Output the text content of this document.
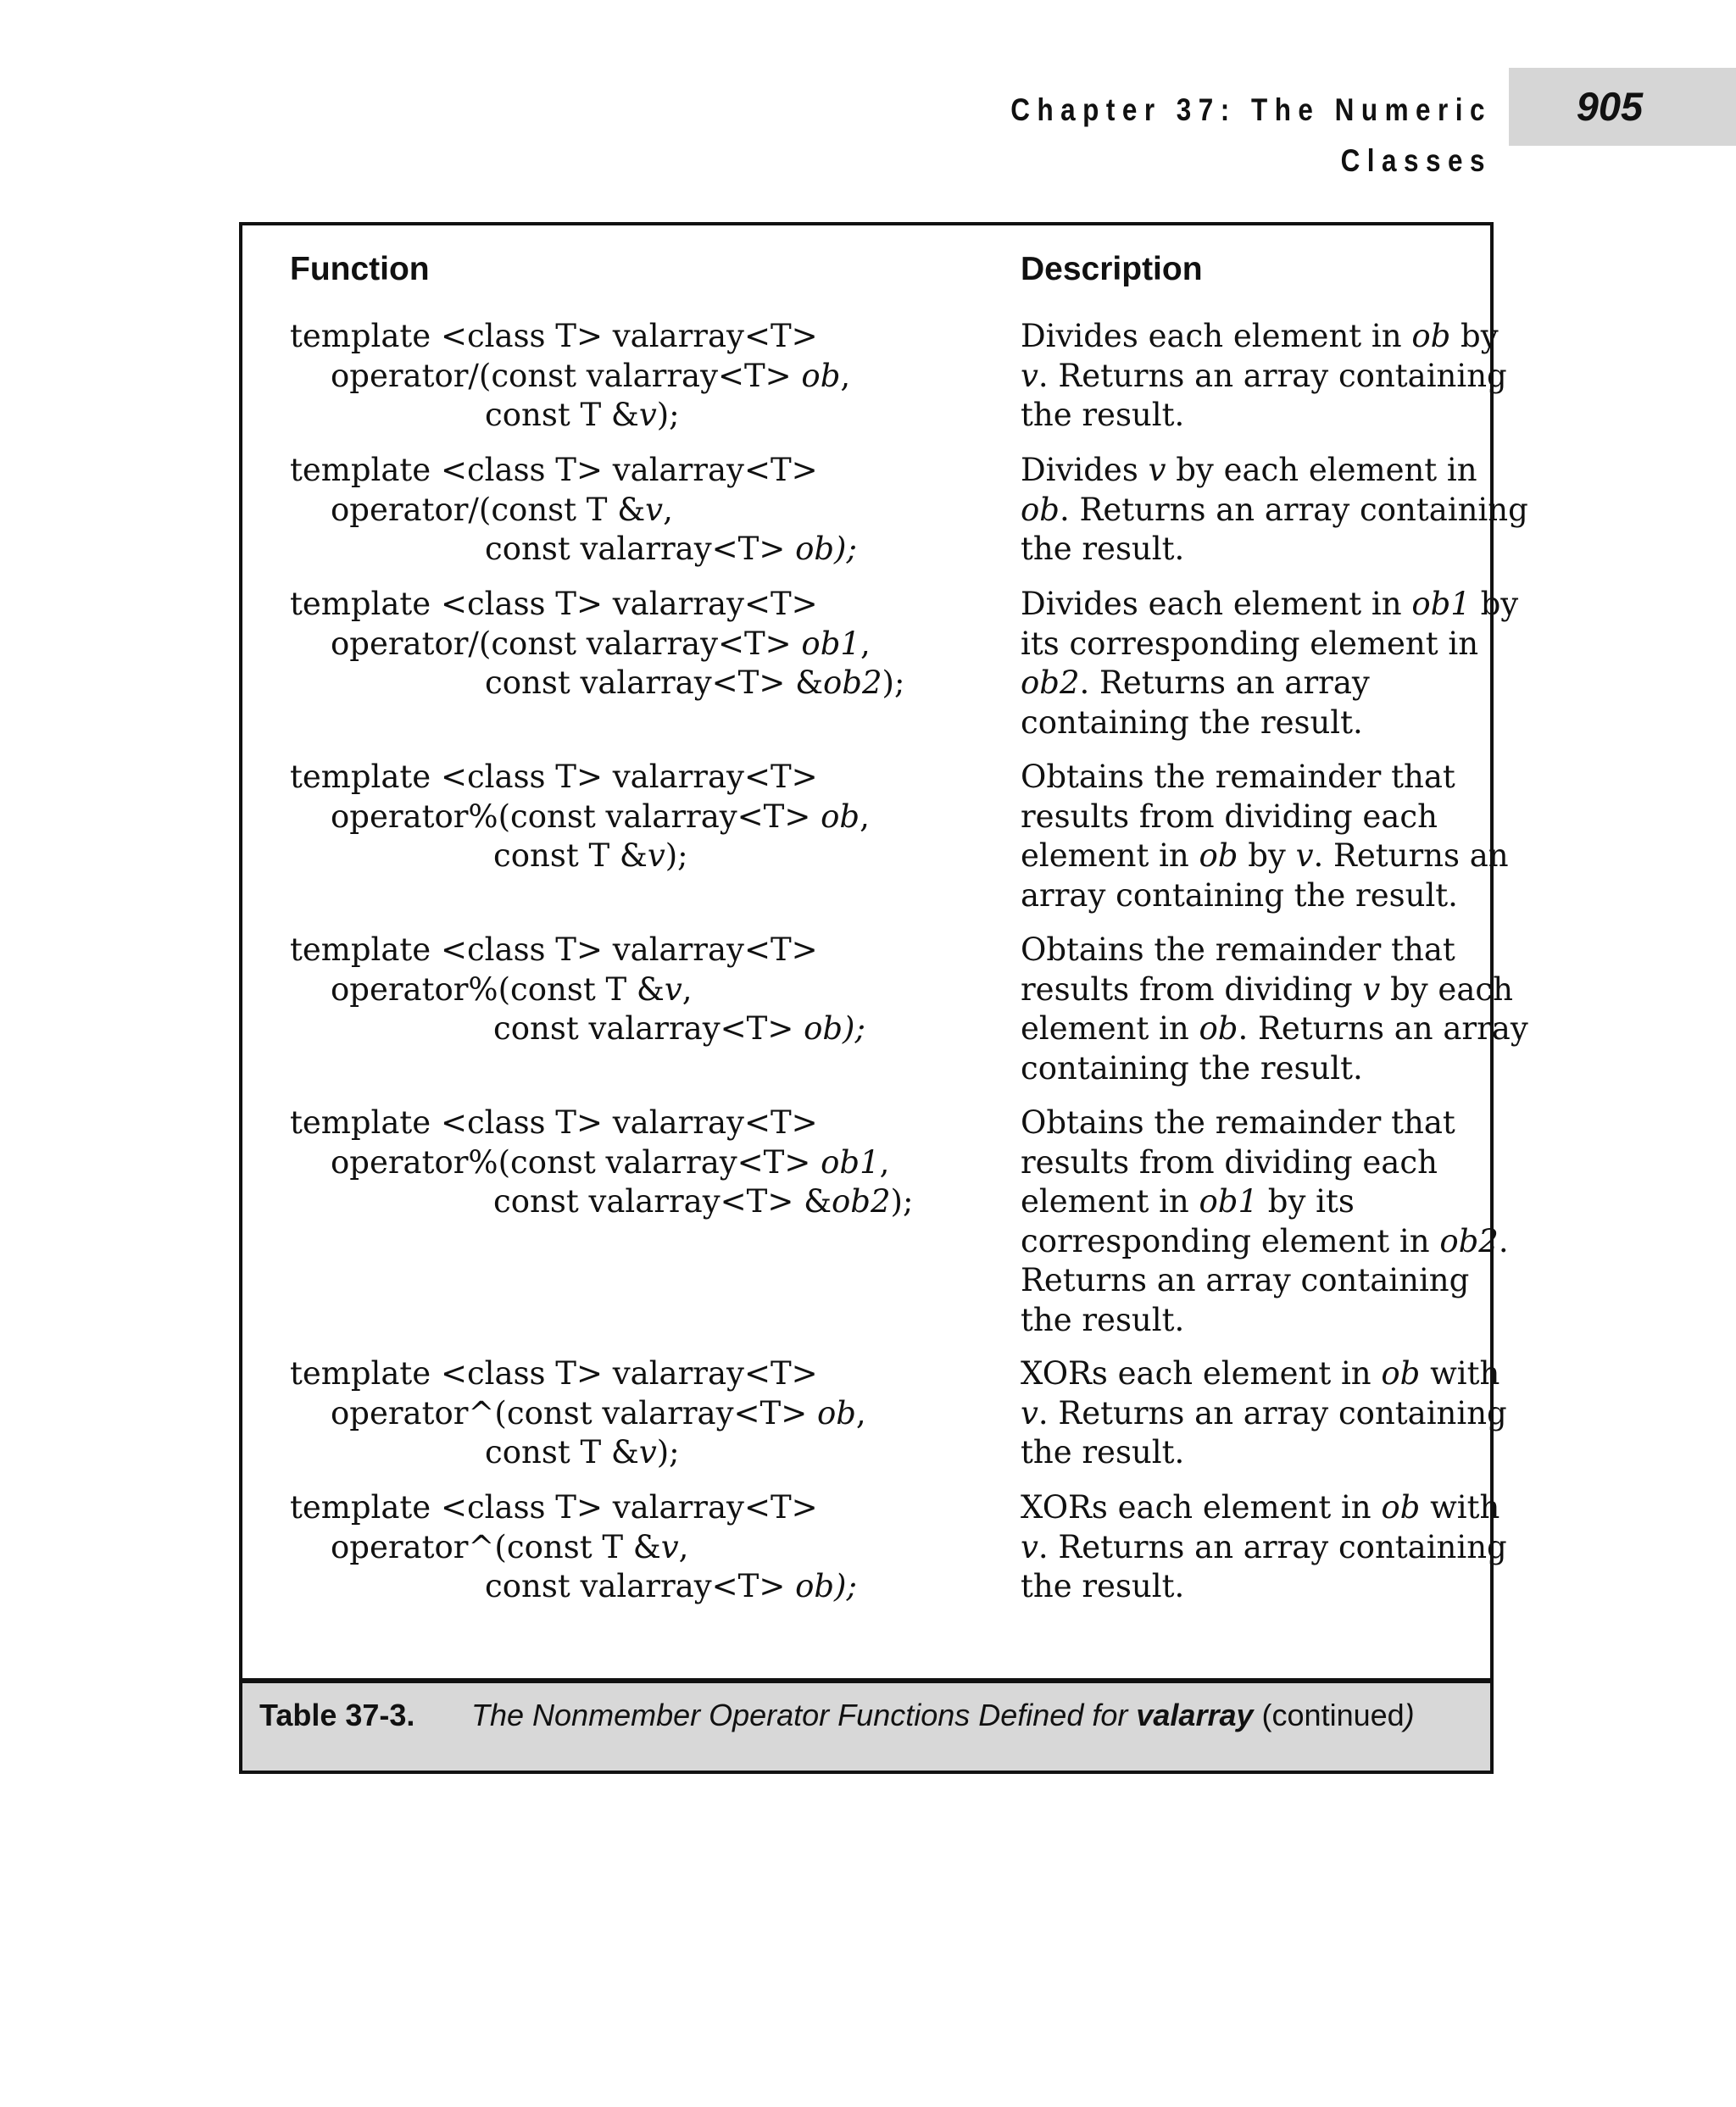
Chapter 37: The Numeric Classes
905
Function	Description
template <class T> valarray<T>
operator/(const valarray<T> ob,
const T &v);
Divides each element in ob by
v. Returns an array containing
the result.
template <class T> valarray<T>
operator/(const T &v,
const valarray<T> ob);
Divides v by each element in
ob. Returns an array containing
the result.
template <class T> valarray<T>
operator/(const valarray<T> ob1,
const valarray<T> &ob2);
Divides each element in ob1 by
its corresponding element in
ob2. Returns an array
containing the result.
template <class T> valarray<T>
operator%(const valarray<T> ob,
const T &v);
Obtains the remainder that
results from dividing each
element in ob by v. Returns an
array containing the result.
template <class T> valarray<T>
operator%(const T &v,
const valarray<T> ob);
Obtains the remainder that
results from dividing v by each
element in ob. Returns an array
containing the result.
template <class T> valarray<T>
operator%(const valarray<T> ob1,
const valarray<T> &ob2);
Obtains the remainder that
results from dividing each
element in ob1 by its
corresponding element in ob2.
Returns an array containing
the result.
template <class T> valarray<T>
operator^(const valarray<T> ob,
const T &v);
XORs each element in ob with
v. Returns an array containing
the result.
template <class T> valarray<T>
operator^(const T &v,
const valarray<T> ob);
XORs each element in ob with
v. Returns an array containing
the result.
Table 37-3. The Nonmember Operator Functions Defined for valarray (continued)
